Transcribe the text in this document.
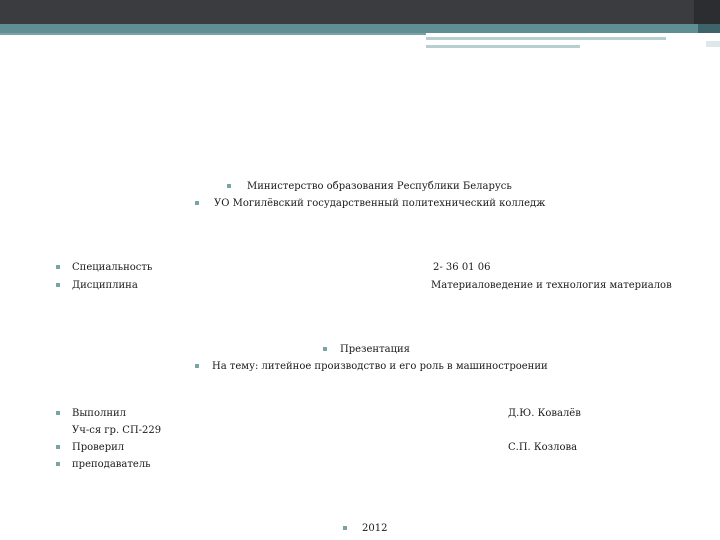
Министерство образования Республики Беларусь
УО Могилёвский государственный политехнический колледж
Специальность	2- 36 01 06
Дисциплина	Материаловедение и технология материалов
Презентация
На тему: литейное производство и его роль в машиностроении
Выполнил	Д.Ю. Ковалёв
Уч-ся гр. СП-229
Проверил	С.П. Козлова
преподаватель
2012
